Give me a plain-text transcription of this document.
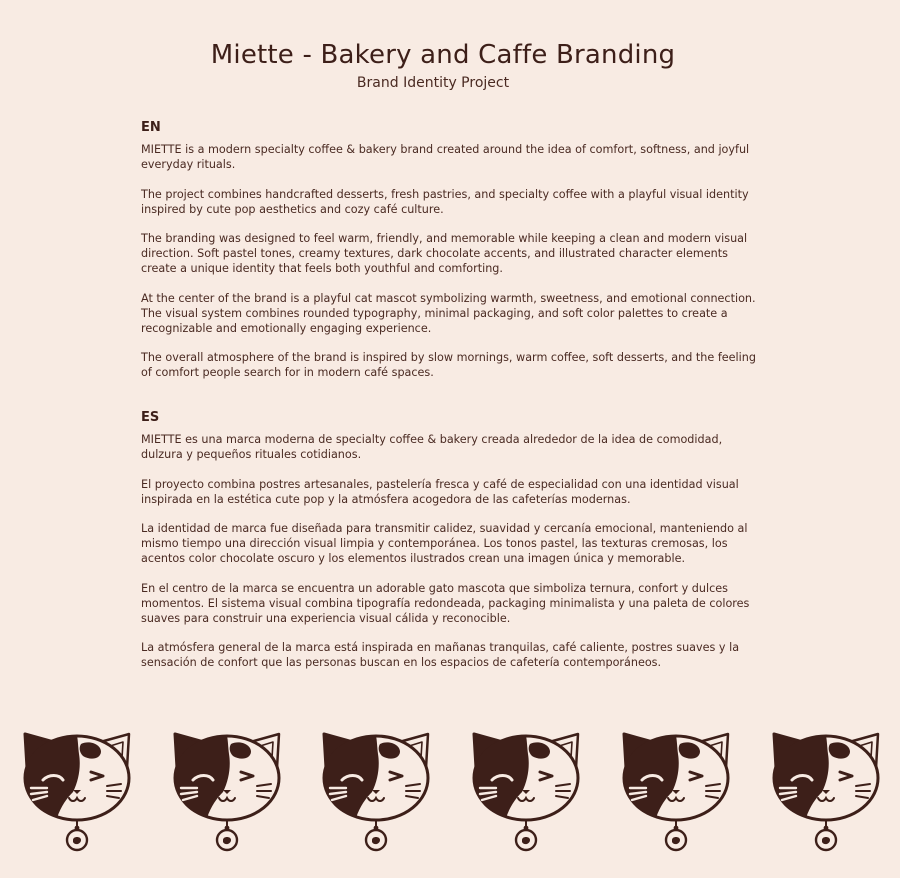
Miette - Bakery and Caffe Branding

Brand Identity Project

EN

MIETTE is a modern specialty coffee & bakery brand created around the idea of comfort, softness, and joyful everyday rituals.

The project combines handcrafted desserts, fresh pastries, and specialty coffee with a playful visual identity inspired by cute pop aesthetics and cozy café culture.

The branding was designed to feel warm, friendly, and memorable while keeping a clean and modern visual direction. Soft pastel tones, creamy textures, dark chocolate accents, and illustrated character elements create a unique identity that feels both youthful and comforting.

At the center of the brand is a playful cat mascot symbolizing warmth, sweetness, and emotional connection. The visual system combines rounded typography, minimal packaging, and soft color palettes to create a recognizable and emotionally engaging experience.

The overall atmosphere of the brand is inspired by slow mornings, warm coffee, soft desserts, and the feeling of comfort people search for in modern café spaces.

ES

MIETTE es una marca moderna de specialty coffee & bakery creada alrededor de la idea de comodidad, dulzura y pequeños rituales cotidianos.

El proyecto combina postres artesanales, pastelería fresca y café de especialidad con una identidad visual inspirada en la estética cute pop y la atmósfera acogedora de las cafeterías modernas.

La identidad de marca fue diseñada para transmitir calidez, suavidad y cercanía emocional, manteniendo al mismo tiempo una dirección visual limpia y contemporánea. Los tonos pastel, las texturas cremosas, los acentos color chocolate oscuro y los elementos ilustrados crean una imagen única y memorable.

En el centro de la marca se encuentra un adorable gato mascota que simboliza ternura, confort y dulces momentos. El sistema visual combina tipografía redondeada, packaging minimalista y una paleta de colores suaves para construir una experiencia visual cálida y reconocible.

La atmósfera general de la marca está inspirada en mañanas tranquilas, café caliente, postres suaves y la sensación de confort que las personas buscan en los espacios de cafetería contemporáneos.
